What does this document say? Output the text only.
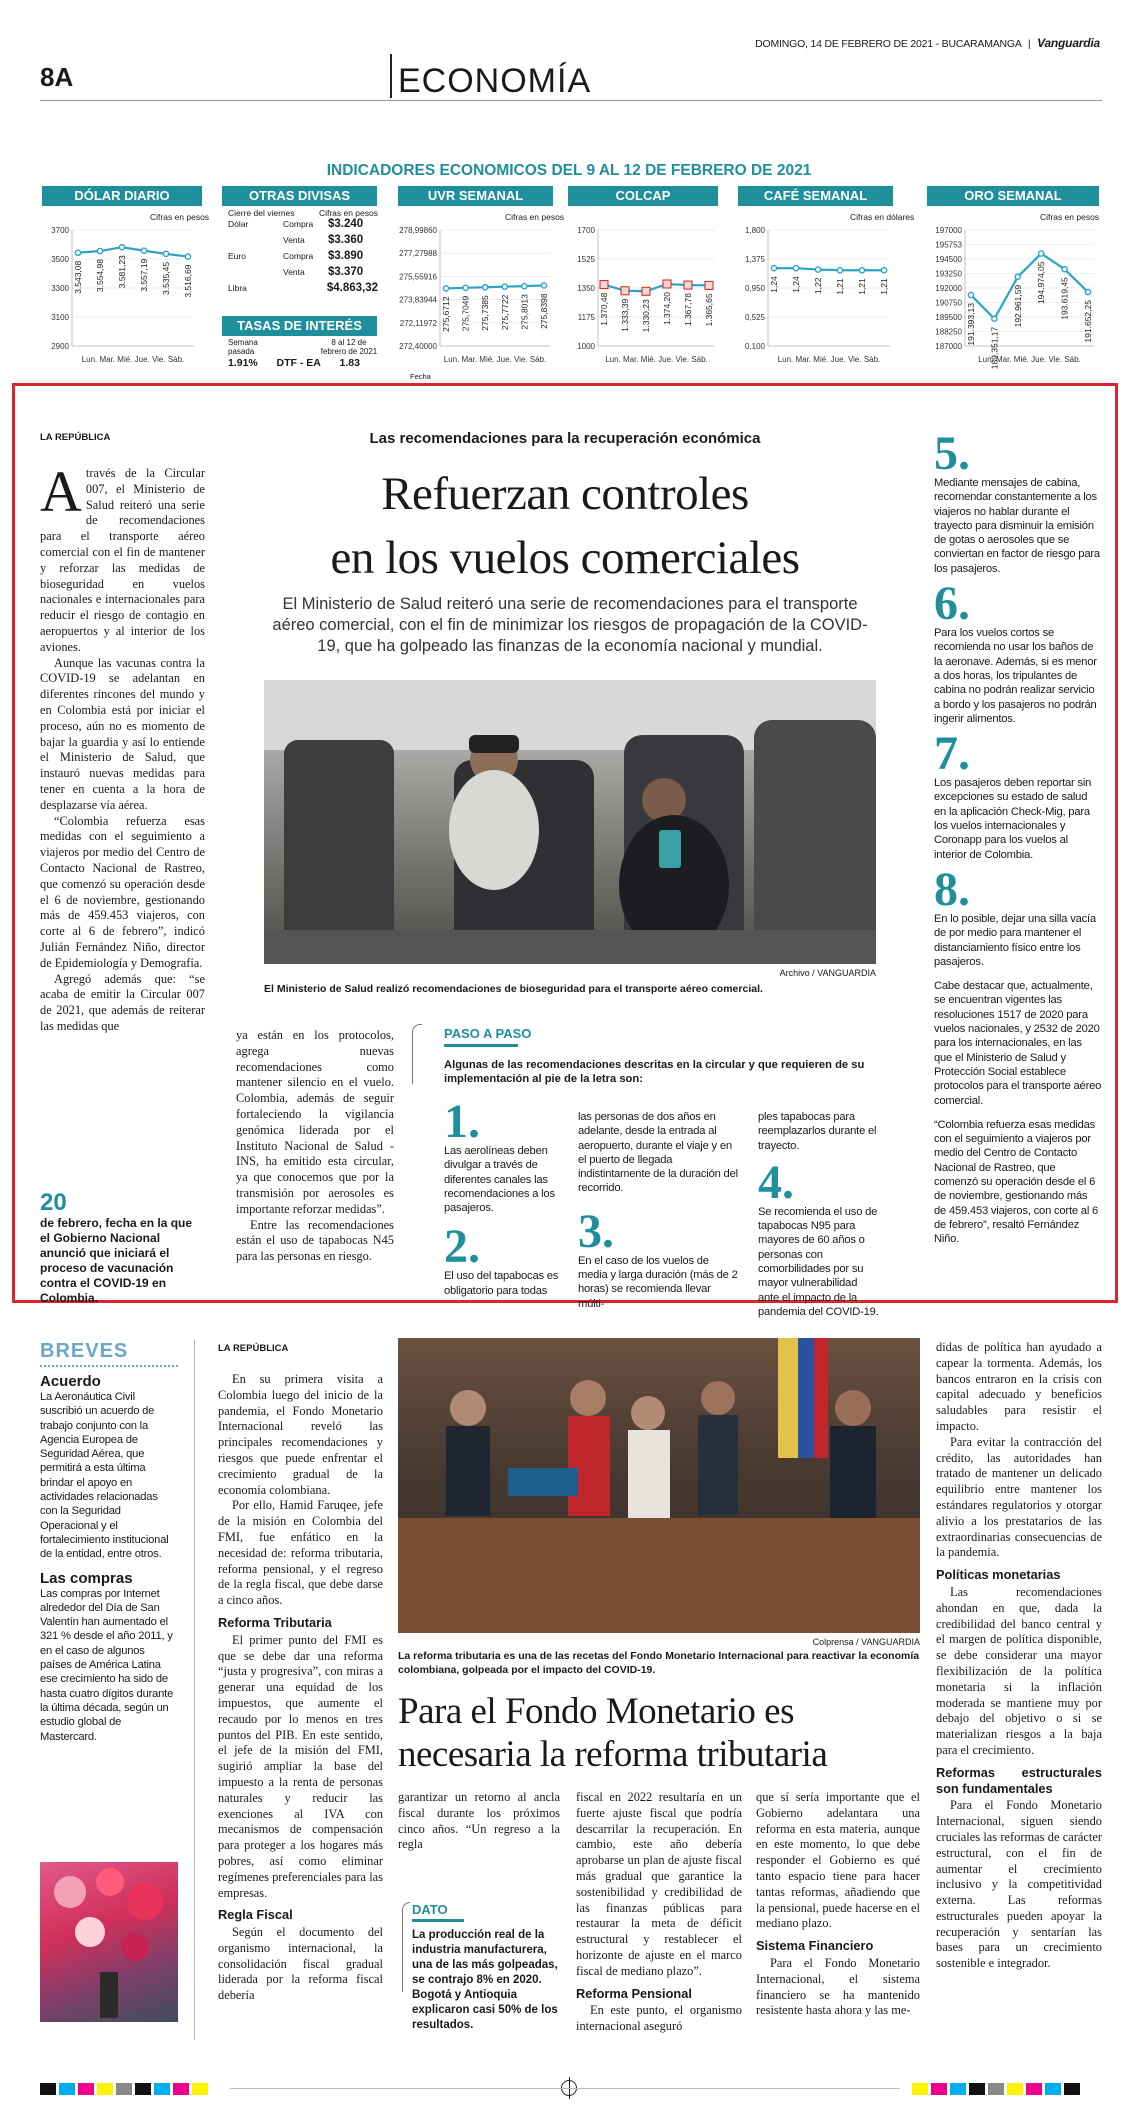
DOMINGO, 14 DE FEBRERO DE 2021 - BUCARAMANGA | Vanguardia
8A	ECONOMÍA
INDICADORES ECONOMICOS DEL 9 AL 12 DE FEBRERO DE 2021
DÓLAR DIARIO
Cifras en pesos
3700
3500
3300
3100
2900
3.543,08 3.554,98 3.581,23 3.557,19 3.535,45 3.516,69
Lun. Mar. Mié. Jue. Vie. Sáb.
OTRAS DIVISAS
Cierre del viernes	Cifras en pesos
Dólar	Compra	$3.240
Venta	$3.360
Euro	Compra	$3.890
Venta	$3.370
Libra	$4.863,32
TASAS DE INTERÉS
Semana pasada
8 al 12 de febrero de 2021
1.91% DTF - EA 1.83
UVR SEMANAL
Cifras en pesos
278,99860
277,27988
275,55916
273,83944
272,11972
272,40000
275,6712 275,7049 275,7385 275,7722 275,8013 275,8398
Lun. Mar. Mié. Jue. Vie. Sáb.
Fecha
COLCAP
1700
1525
1350
1175
1000
1.370,48 1.333,39 1.330,23 1.374,20 1.367,78 1.365,65
Lun. Mar. Mié. Jue. Vie. Sáb.
CAFÉ SEMANAL
Cifras en dólares
1,800
1,375
0,950
0,525
0,100
1,24 1,24 1,22 1,21 1,21 1,21
Lun. Mar. Mié. Jue. Vie. Sáb.
ORO SEMANAL
Cifras en pesos
197000
195753
194500
193250
192000
190750
189500
188250
187000
191.393,13
189.351,17
192.961,59
194.974,05 193.619,45
191.652,25
Lun. Mar. Mié. Jue. Vie. Sáb.
LA REPÚBLICA	Las recomendaciones para la recuperación económica
Refuerzan controles
en los vuelos comerciales
El Ministerio de Salud reiteró una serie de recomendaciones para el transporte aéreo comercial, con el fin de minimizar los riesgos de propagación de la COVID-19, que ha golpeado las finanzas de la economía nacional y mundial.
Archivo / VANGUARDIA
El Ministerio de Salud realizó recomendaciones de bioseguridad para el transporte aéreo comercial.

Através de la Circular 007, el Ministerio de Salud reiteró una serie de recomendaciones para el transporte aéreo comercial con el fin de mantener y reforzar las medidas de bioseguridad en vuelos nacionales e internacionales para reducir el riesgo de contagio en aeropuertos y al interior de los aviones.

Aunque las vacunas contra la COVID-19 se adelantan en diferentes rincones del mundo y en Colombia está por iniciar el proceso, aún no es momento de bajar la guardia y así lo entiende el Ministerio de Salud, que instauró nuevas medidas para tener en cuenta a la hora de desplazarse vía aérea.

“Colombia refuerza esas medidas con el seguimiento a viajeros por medio del Centro de Contacto Nacional de Rastreo, que comenzó su operación desde el 6 de noviembre, gestionando más de 459.453 viajeros, con corte al 6 de febrero”, indicó Julián Fernández Niño, director de Epidemiología y Demografía.

Agregó además que: “se acaba de emitir la Circular 007 de 2021, que además de reiterar las medidas que

20
de febrero, fecha en la que el Gobierno Nacional anunció que iniciará el proceso de vacunación contra el COVID-19 en Colombia.

ya están en los protocolos, agrega nuevas recomendaciones como mantener silencio en el vuelo. Colombia, además de seguir fortaleciendo la vigilancia genómica liderada por el Instituto Nacional de Salud - INS, ha emitido esta circular, ya que conocemos que por la transmisión por aerosoles es importante reforzar medidas”.

Entre las recomendaciones están el uso de tapabocas N45 para las personas en riesgo.

PASO A PASO
Algunas de las recomendaciones descritas en la circular y que requieren de su implementación al pie de la letra son:
1.
Las aerolíneas deben divulgar a través de diferentes canales las recomendaciones a los pasajeros.
2.
El uso del tapabocas es obligatorio para todas
las personas de dos años en adelante, desde la entrada al aeropuerto, durante el viaje y en el puerto de llegada indistintamente de la duración del recorrido.
3.
En el caso de los vuelos de media y larga duración (más de 2 horas) se recomienda llevar múlti-
ples tapabocas para reemplazarlos durante el trayecto.
4.
Se recomienda el uso de tapabocas N95 para mayores de 60 años o personas con comorbilidades por su mayor vulnerabilidad ante el impacto de la pandemia del COVID-19.
5.
Mediante mensajes de cabina, recomendar constantemente a los viajeros no hablar durante el trayecto para disminuir la emisión de gotas o aerosoles que se conviertan en factor de riesgo para los pasajeros.
6.
Para los vuelos cortos se recomienda no usar los baños de la aeronave. Además, si es menor a dos horas, los tripulantes de cabina no podrán realizar servicio a bordo y los pasajeros no podrán ingerir alimentos.
7.
Los pasajeros deben reportar sin excepciones su estado de salud en la aplicación Check-Mig, para los vuelos internacionales y Coronapp para los vuelos al interior de Colombia.
8.
En lo posible, dejar una silla vacía de por medio para mantener el distanciamiento físico entre los pasajeros.
Cabe destacar que, actualmente, se encuentran vigentes las resoluciones 1517 de 2020 para vuelos nacionales, y 2532 de 2020 para los internacionales, en las que el Ministerio de Salud y Protección Social establece protocolos para el transporte aéreo comercial.
“Colombia refuerza esas medidas con el seguimiento a viajeros por medio del Centro de Contacto Nacional de Rastreo, que comenzó su operación desde el 6 de noviembre, gestionando más de 459.453 viajeros, con corte al 6 de febrero”, resaltó Fernández Niño.
BREVES
Acuerdo
La Aeronáutica Civil suscribió un acuerdo de trabajo conjunto con la Agencia Europea de Seguridad Aérea, que permitirá a esta última brindar el apoyo en actividades relacionadas con la Seguridad Operacional y el fortalecimiento institucional de la entidad, entre otros.
Las compras
Las compras por Internet alrededor del Día de San Valentín han aumentado el 321 % desde el año 2011, y en el caso de algunos países de América Latina ese crecimiento ha sido de hasta cuatro dígitos durante la última década, según un estudio global de Mastercard.
LA REPÚBLICA
Colprensa / VANGUARDIA
La reforma tributaria es una de las recetas del Fondo Monetario Internacional para reactivar la economía colombiana, golpeada por el impacto del COVID-19.
Para el Fondo Monetario es
necesaria la reforma tributaria

En su primera visita a Colombia luego del inicio de la pandemia, el Fondo Monetario Internacional reveló las principales recomendaciones y riesgos que puede enfrentar el crecimiento gradual de la economía colombiana.

Por ello, Hamid Faruqee, jefe de la misión en Colombia del FMI, fue enfático en la necesidad de: reforma tributaria, reforma pensional, y el regreso de la regla fiscal, que debe darse a cinco años.

Reforma Tributaria

El primer punto del FMI es que se debe dar una reforma “justa y progresiva”, con miras a generar una equidad de los impuestos, que aumente el recaudo por lo menos en tres puntos del PIB. En este sentido, el jefe de la misión del FMI, sugirió ampliar la base del impuesto a la renta de personas naturales y reducir las exenciones al IVA con mecanismos de compensación para proteger a los hogares más pobres, así como eliminar regímenes preferenciales para las empresas.

Regla Fiscal

Según el documento del organismo internacional, la consolidación fiscal gradual liderada por la reforma fiscal debería

garantizar un retorno al ancla fiscal durante los próximos cinco años. “Un regreso a la regla

DATO
La producción real de la industria manufacturera, una de las más golpeadas, se contrajo 8% en 2020. Bogotá y Antioquia explicaron casi 50% de los resultados.

fiscal en 2022 resultaría en un fuerte ajuste fiscal que podría descarrilar la recuperación. En cambio, este año debería aprobarse un plan de ajuste fiscal más gradual que garantice la sostenibilidad y credibilidad de las finanzas públicas para restaurar la meta de déficit estructural y restablecer el horizonte de ajuste en el marco fiscal de mediano plazo”.

Reforma Pensional

En este punto, el organismo internacional aseguró

que sí sería importante que el Gobierno adelantara una reforma en esta materia, aunque en este momento, lo que debe responder el Gobierno es qué tanto espacio tiene para hacer tantas reformas, añadiendo que la pensional, puede hacerse en el mediano plazo.

Sistema Financiero

Para el Fondo Monetario Internacional, el sistema financiero se ha mantenido resistente hasta ahora y las me-

didas de política han ayudado a capear la tormenta. Además, los bancos entraron en la crisis con capital adecuado y beneficios saludables para resistir el impacto.

Para evitar la contracción del crédito, las autoridades han tratado de mantener un delicado equilibrio entre mantener los estándares regulatorios y otorgar alivio a los prestatarios de las extraordinarias consecuencias de la pandemia.

Políticas monetarias

Las recomendaciones ahondan en que, dada la credibilidad del banco central y el margen de política disponible, se debe considerar una mayor flexibilización de la política monetaria si la inflación moderada se mantiene muy por debajo del objetivo o si se materializan riesgos a la baja para el crecimiento.

Reformas estructurales son fundamentales

Para el Fondo Monetario Internacional, siguen siendo cruciales las reformas de carácter estructural, con el fin de aumentar el crecimiento inclusivo y la competitividad externa. Las reformas estructurales pueden apoyar la recuperación y sentarían las bases para un crecimiento sostenible e integrador.
